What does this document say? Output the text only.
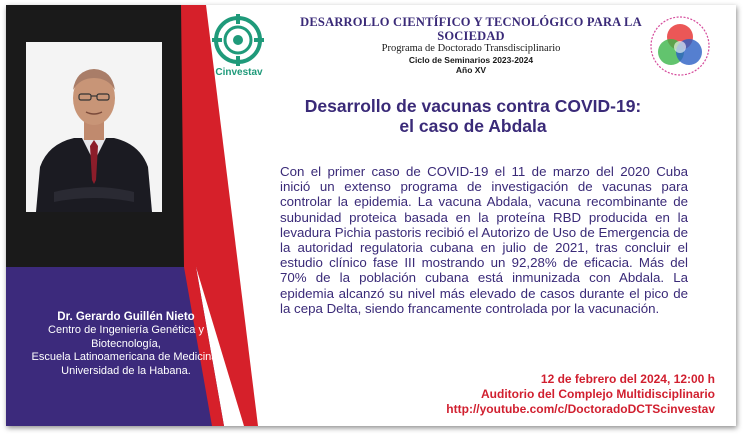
Dr. Gerardo Guillén Nieto
Centro de Ingeniería Genética y
Biotecnología,
Escuela Latinoamericana de Medicina,
Universidad de la Habana.
Cinvestav
DESARROLLO CIENTÍFICO Y TECNOLÓGICO PARA LA SOCIEDAD
Programa de Doctorado Transdisciplinario
Ciclo de Seminarios 2023-2024
Año XV
Desarrollo de vacunas contra COVID-19:
el caso de Abdala
Con el primer caso de COVID-19 el 11 de marzo del 2020 Cuba inició un extenso programa de investigación de vacunas para controlar la epidemia. La vacuna Abdala, vacuna recombinante de subunidad proteica basada en la proteína RBD producida en la levadura Pichia pastoris recibió el Autorizo de Uso de Emergencia de la autoridad regulatoria cubana en julio de 2021, tras concluir el estudio clínico fase III mostrando un 92,28% de eficacia. Más del 70% de la población cubana está inmunizada con Abdala. La epidemia alcanzó su nivel más elevado de casos durante el pico de la cepa Delta, siendo francamente controlada por la vacunación.
12 de febrero del 2024, 12:00 h
Auditorio del Complejo Multidisciplinario
http://youtube.com/c/DoctoradoDCTScinvestav
